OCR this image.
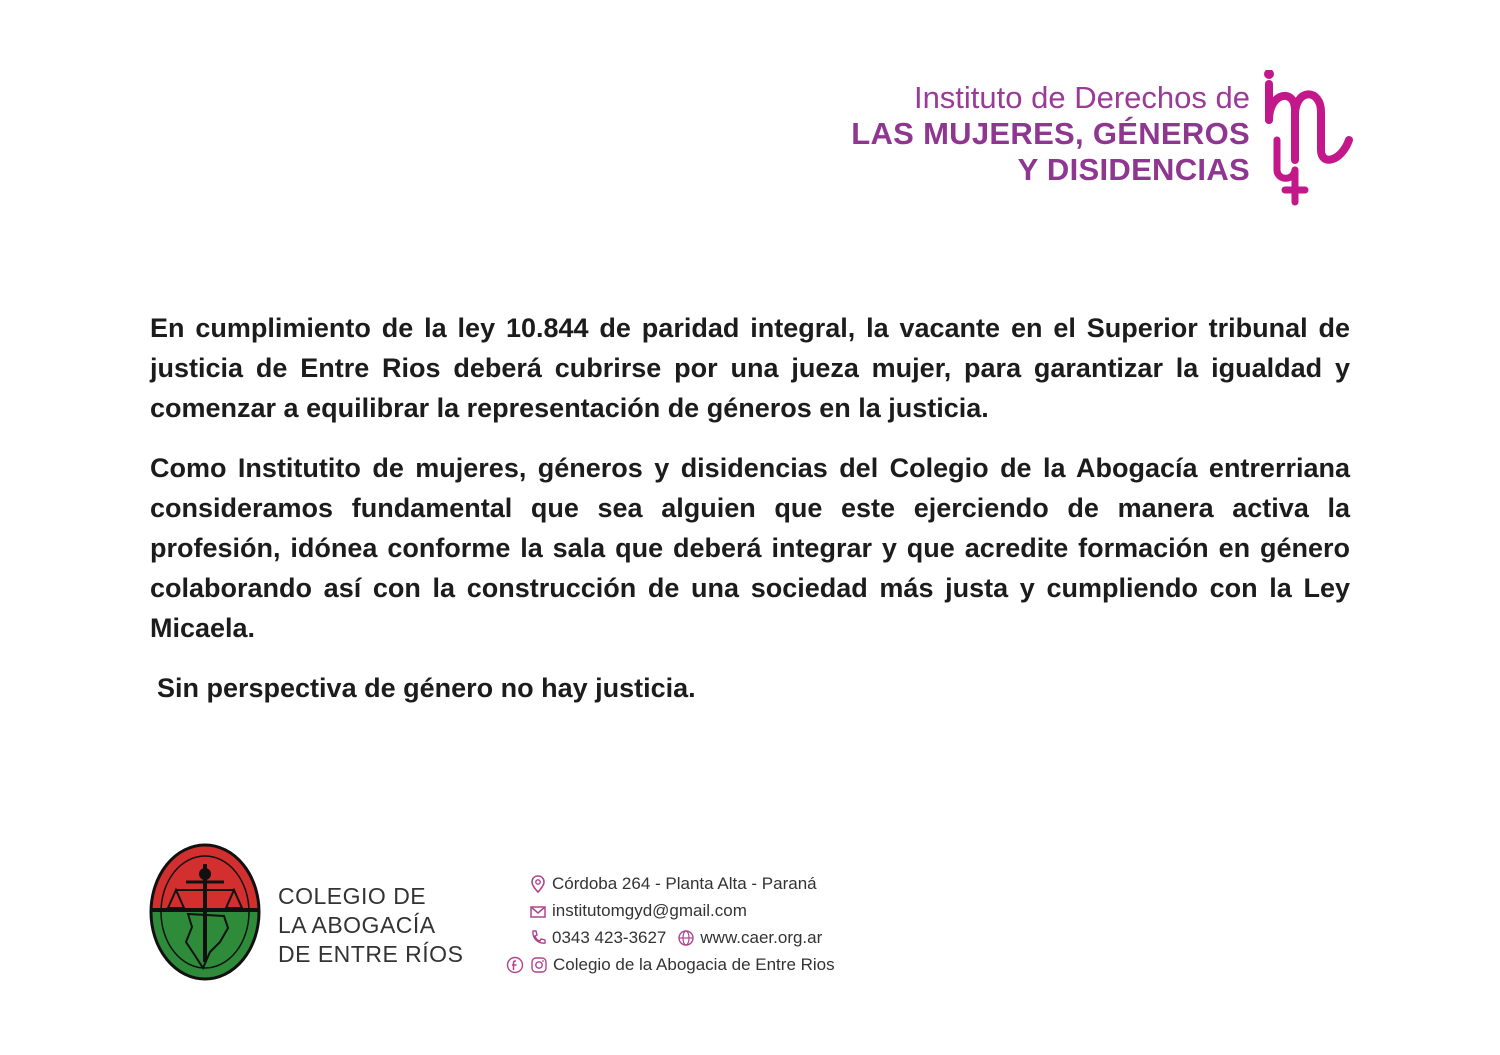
Instituto de Derechos de
LAS MUJERES, GÉNEROS
Y DISIDENCIAS

En cumplimiento de la ley 10.844 de paridad integral, la vacante en el Superior tribunal de justicia de Entre Rios deberá cubrirse por una jueza mujer, para garantizar la igualdad y comenzar a equilibrar la representación de géneros en la justicia.

Como Institutito de mujeres, géneros y disidencias del Colegio de la Abogacía entrerriana consideramos fundamental que sea alguien que este ejerciendo de manera activa la profesión, idónea conforme la sala que deberá integrar y que acredite formación en género colaborando así con la construcción de una sociedad más justa y cumpliendo con la Ley Micaela.

Sin perspectiva de género no hay justicia.

COLEGIO DE
LA ABOGACÍA
DE ENTRE RÍOS
Córdoba 264 - Planta Alta - Paraná
institutomgyd@gmail.com
0343 423-3627 www.caer.org.ar
Colegio de la Abogacia de Entre Rios
